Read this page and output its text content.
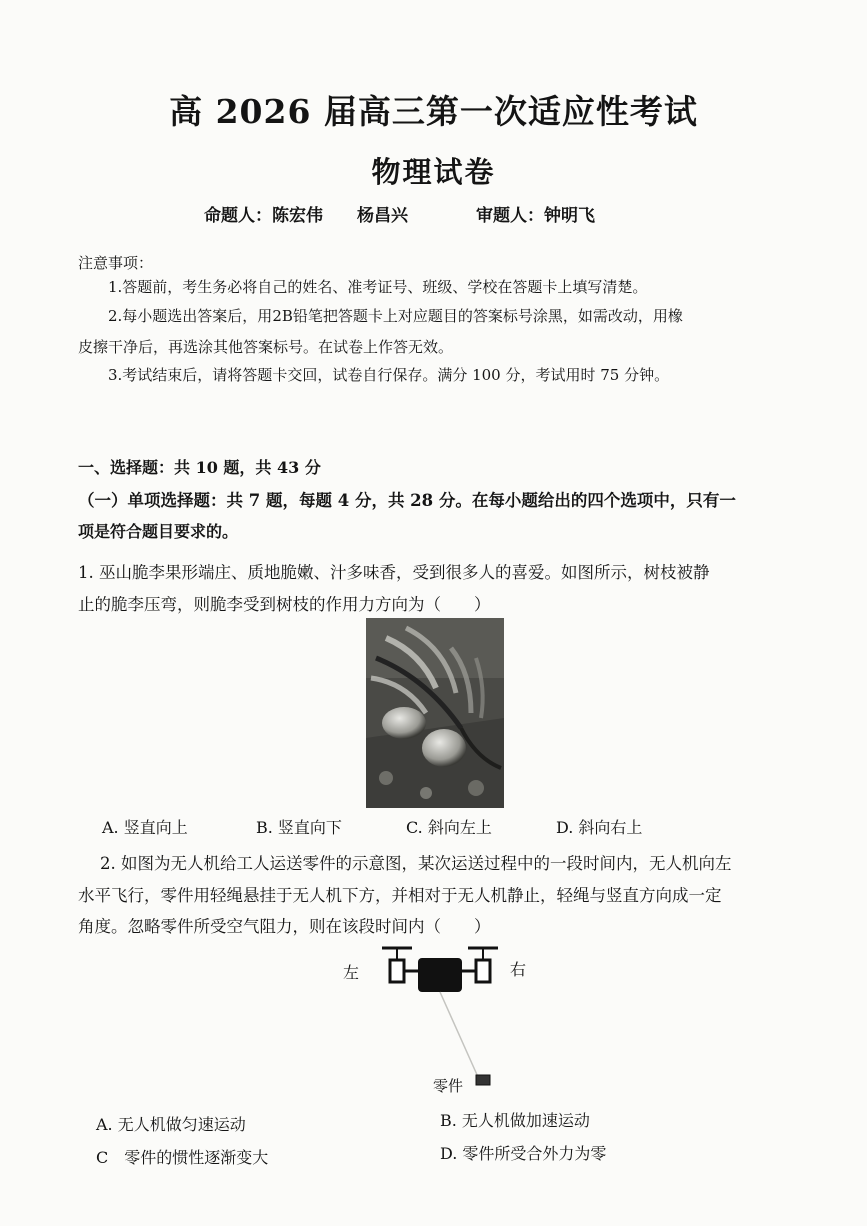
高 2026 届高三第一次适应性考试
物理试卷
命题人：陈宏伟　　杨昌兴　　　　审题人：钟明飞
注意事项：
1.答题前，考生务必将自己的姓名、准考证号、班级、学校在答题卡上填写清楚。
2.每小题选出答案后，用2B铅笔把答题卡上对应题目的答案标号涂黑，如需改动，用橡
皮擦干净后，再选涂其他答案标号。在试卷上作答无效。
3.考试结束后，请将答题卡交回，试卷自行保存。满分 100 分，考试用时 75 分钟。
一、选择题：共 10 题，共 43 分
（一）单项选择题：共 7 题，每题 4 分，共 28 分。在每小题给出的四个选项中，只有一
项是符合题目要求的。
1. 巫山脆李果形端庄、质地脆嫩、汁多味香，受到很多人的喜爱。如图所示，树枝被静
止的脆李压弯，则脆李受到树枝的作用力方向为（　　）
A. 竖直向上	B. 竖直向下	C. 斜向左上	D. 斜向右上
2. 如图为无人机给工人运送零件的示意图，某次运送过程中的一段时间内，无人机向左
水平飞行，零件用轻绳悬挂于无人机下方，并相对于无人机静止，轻绳与竖直方向成一定
角度。忽略零件所受空气阻力，则在该段时间内（　　）
左	右
零件
A. 无人机做匀速运动	B. 无人机做加速运动
C　零件的惯性逐渐变大	D. 零件所受合外力为零
